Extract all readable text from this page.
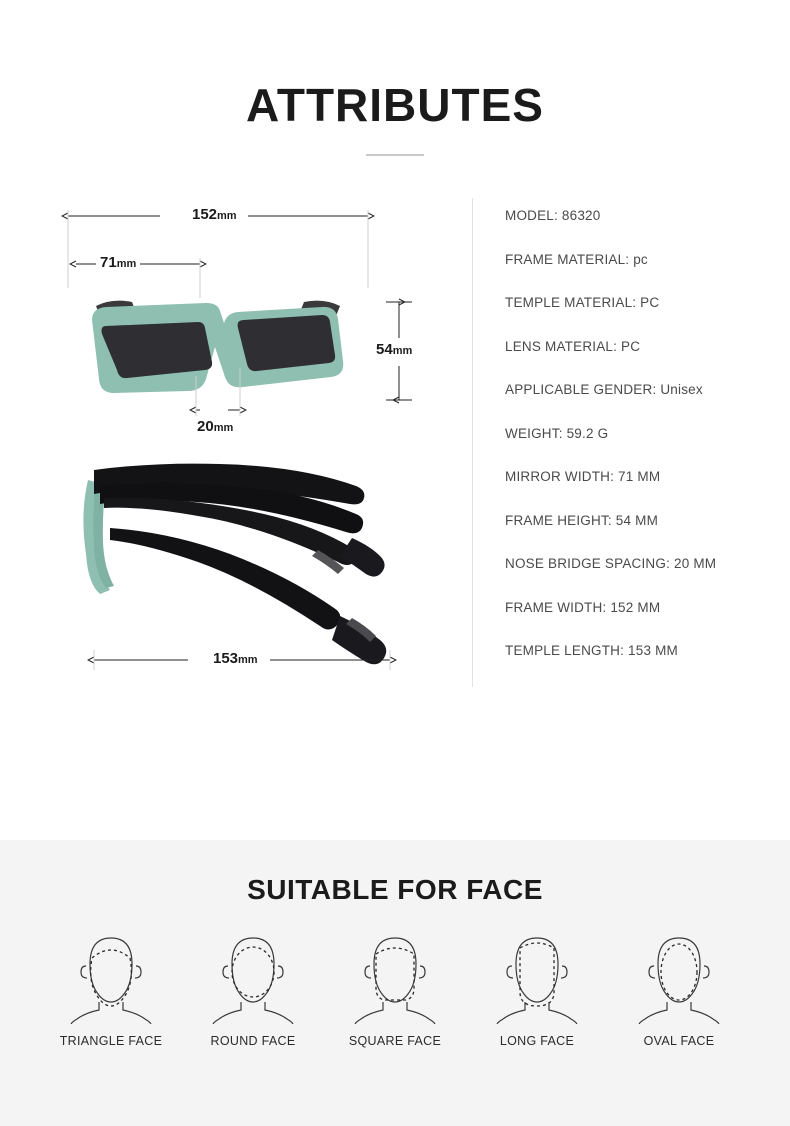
ATTRIBUTES
152mm
71mm
54mm
20mm
153mm
MODEL: 86320
FRAME MATERIAL: pc
TEMPLE MATERIAL: PC
LENS MATERIAL: PC
APPLICABLE GENDER: Unisex
WEIGHT: 59.2 G
MIRROR WIDTH: 71 MM
FRAME HEIGHT: 54 MM
NOSE BRIDGE SPACING: 20 MM
FRAME WIDTH: 152 MM
TEMPLE LENGTH: 153 MM
SUITABLE FOR FACE
TRIANGLE FACE	ROUND FACE	SQUARE FACE	LONG FACE	OVAL FACE
